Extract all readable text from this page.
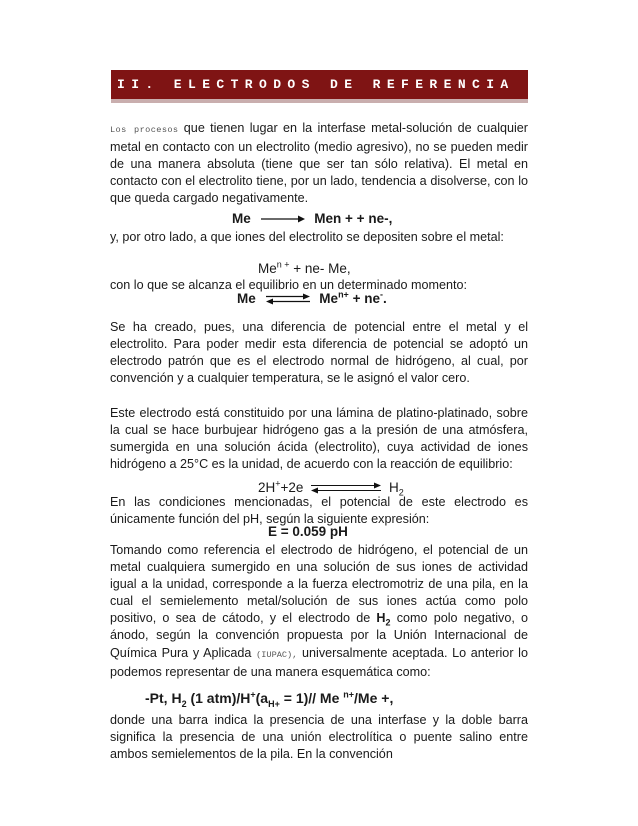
II. ELECTRODOS DE REFERENCIA
Los procesos que tienen lugar en la interfase metal-solución de cualquier metal en contacto con un electrolito (medio agresivo), no se pueden medir de una manera absoluta (tiene que ser tan sólo relativa). El metal en contacto con el electrolito tiene, por un lado, tendencia a disolverse, con lo que queda cargado negativamente.
Me	Men + + ne-,
y, por otro lado, a que iones del electrolito se depositen sobre el metal:
$Me^{n +} + ne-$ Me,
con lo que se alcanza el equilibrio en un determinado momento:
Me ⇌ $Me^{n+} + ne^-$.
Se ha creado, pues, una diferencia de potencial entre el metal y el electrolito. Para poder medir esta diferencia de potencial se adoptó un electrodo patrón que es el electrodo normal de hidrógeno, al cual, por convención y a cualquier temperatura, se le asignó el valor cero.
Este electrodo está constituido por una lámina de platino-platinado, sobre la cual se hace burbujear hidrógeno gas a la presión de una atmósfera, sumergida en una solución ácida (electrolito), cuya actividad de iones hidrógeno a 25°C es la unidad, de acuerdo con la reacción de equilibrio:
2H++2e	$H_2$
En las condiciones mencionadas, el potencial de este electrodo es únicamente función del pH, según la siguiente expresión:
E = 0.059 pH
Tomando como referencia el electrodo de hidrógeno, el potencial de un metal cualquiera sumergido en una solución de sus iones de actividad igual a la unidad, corresponde a la fuerza electromotriz de una pila, en la cual el semielemento metal/solución de sus iones actúa como polo positivo, o sea de cátodo, y el electrodo de $H_2$ como polo negativo, o ánodo, según la convención propuesta por la Unión Internacional de Química Pura y Aplicada (IUPAC), universalmente aceptada. Lo anterior lo podemos representar de una manera esquemática como:
-Pt, $H_2$ (1 $atm)/H^+(a_{H+} = 1)//$ Me $^{n+}$/Me +,
donde una barra indica la presencia de una interfase y la doble barra significa la presencia de una unión electrolítica o puente salino entre ambos semielementos de la pila. En la convención
